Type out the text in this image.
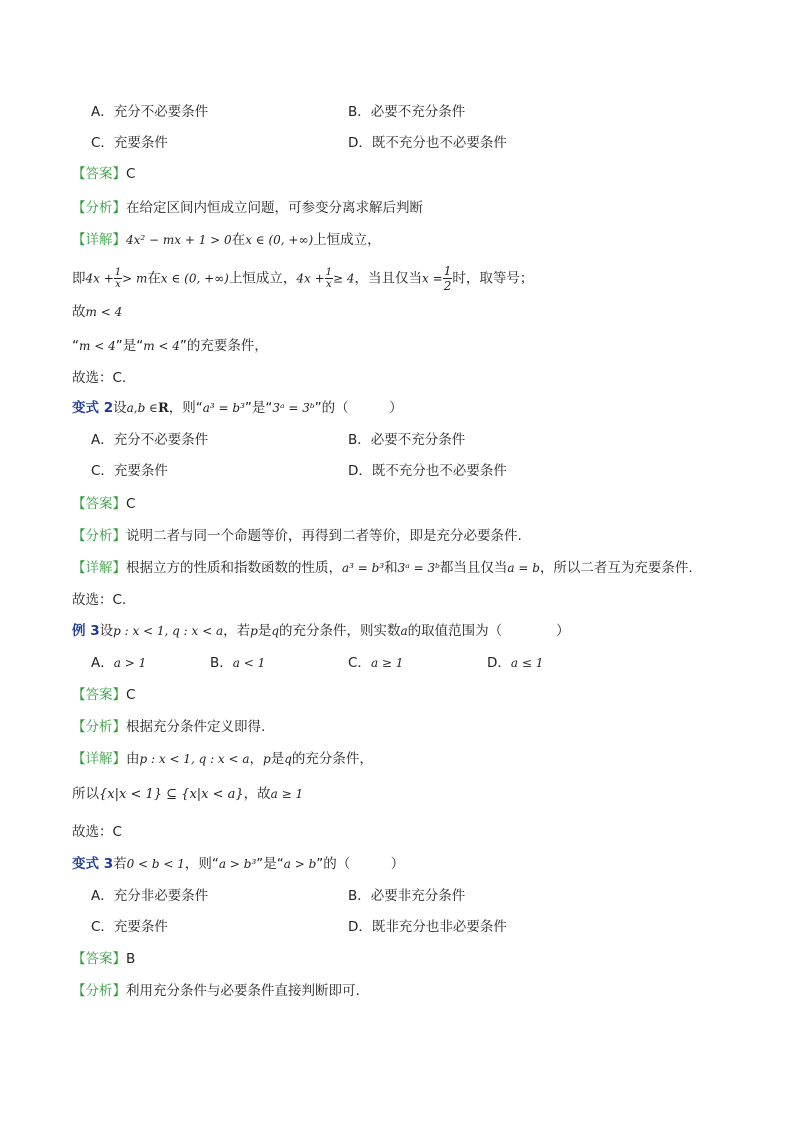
A．充分不必要条件	B．必要不充分条件
C．充要条件	D．既不充分也不必要条件
【答案】C
【分析】在给定区间内恒成立问题，可参变分离求解后判断
【详解】4x² − mx + 1 > 0在x ∈ (0, +∞)上恒成立，
即$4x + \frac{1}{x} > m$在x ∈ (0, +∞)上恒成立，$4x + \frac{1}{x} \ge 4$，当且仅当$x = \frac{1}{2}$ 时，取等号；
故m < 4
“m < 4”是“m < 4”的充要条件，
故选：C.
变式 2设a,b ∈R，则“a³ = b³”是“3ᵃ = 3ᵇ”的（　　　）
A．充分不必要条件	B．必要不充分条件
C．充要条件	D．既不充分也不必要条件
【答案】C
【分析】说明二者与同一个命题等价，再得到二者等价，即是充分必要条件.
【详解】根据立方的性质和指数函数的性质，a³ = b³和3ᵃ = 3ᵇ都当且仅当a = b，所以二者互为充要条件.
故选：C.
例 3设p : x < 1, q : x < a，若p是q的充分条件，则实数a的取值范围为（　　　　）
A．a > 1	B．a < 1	C．a ≥ 1	D．a ≤ 1
【答案】C
【分析】根据充分条件定义即得.
【详解】由p : x < 1, q : x < a，p是q的充分条件，
所以{x|x < 1} ⊆ {x|x < a}，故a ≥ 1
故选：C
变式 3若0 < b < 1，则“a > b³”是“a > b”的（　　　）
A．充分非必要条件	B．必要非充分条件
C．充要条件	D．既非充分也非必要条件
【答案】B
【分析】利用充分条件与必要条件直接判断即可.
